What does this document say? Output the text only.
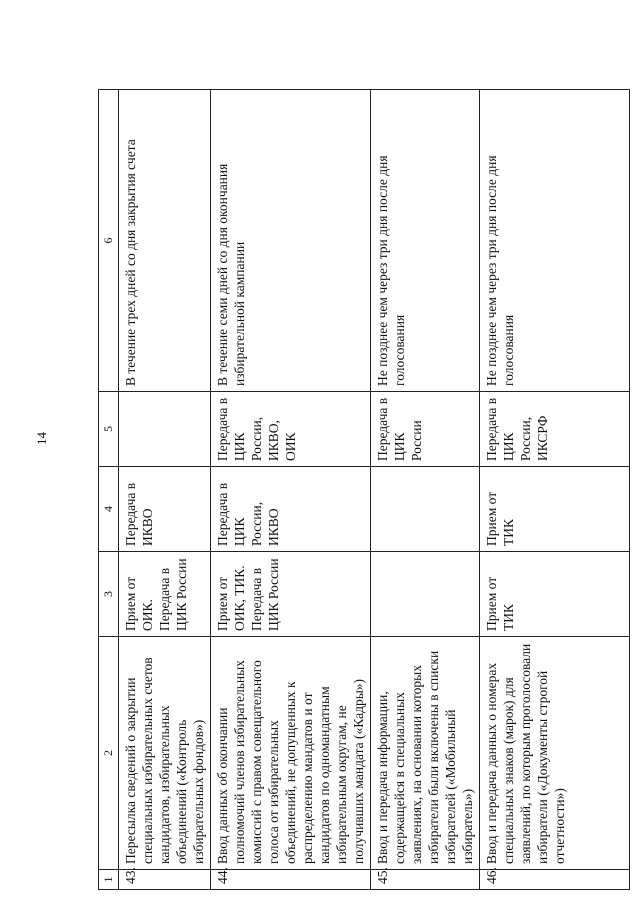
14
1	2	3	4	5	6
43.	Пересылка сведений о закрытии специальных избирательных счетов кандидатов, избирательных объединений («Контроль избирательных фондов»)	Прием от ОИК. Передача в ЦИК России	Передача в ИКВО		В течение трех дней со дня закрытия счета
44.	Ввод данных об окончании полномочий членов избирательных комиссий с правом совещательного голоса от избирательных объединений, не допущенных к распределению мандатов и от кандидатов по одномандатным избирательным округам, не получивших мандата («Кадры»)	Прием от ОИК, ТИК. Передача в ЦИК России	Передача в ЦИК России, ИКВО	Передача в ЦИК России, ИКВО, ОИК	В течение семи дней со дня окончания избирательной кампании
45.	Ввод и передача информации, содержащейся в специальных заявлениях, на основании которых избиратели были включены в списки избирателей («Мобильный избиратель»)			Передача в ЦИК России	Не позднее чем через три дня после дня голосования
46.	Ввод и передача данных о номерах специальных знаков (марок) для заявлений, по которым проголосовали избиратели («Документы строгой отчетности»)	Прием от ТИК	Прием от ТИК	Передача в ЦИК России, ИКСРФ	Не позднее чем через три дня после дня голосования
